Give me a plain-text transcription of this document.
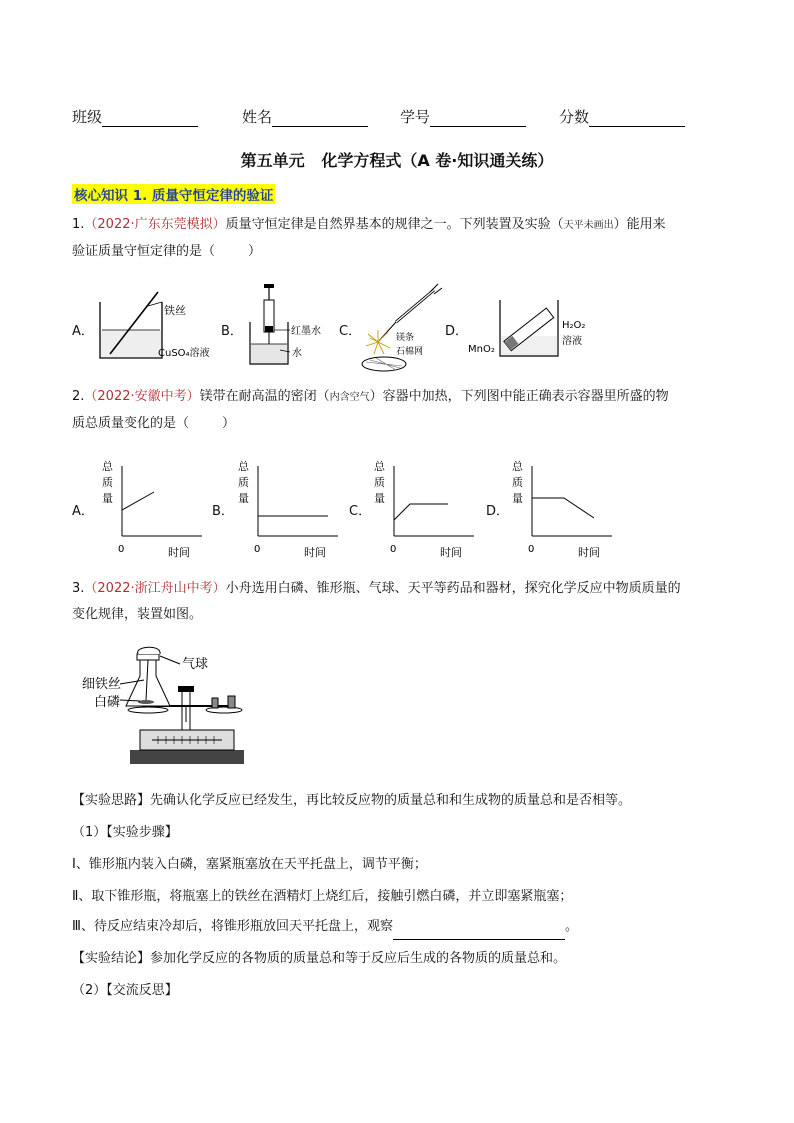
班级	姓名	学号	分数
第五单元   化学方程式（A 卷·知识通关练）
核心知识 1. 质量守恒定律的验证
1.（2022·广东东莞模拟）质量守恒定律是自然界基本的规律之一。下列装置及实验（天平未画出）能用来
验证质量守恒定律的是（        ）
A．
铁丝
CuSO₄溶液
B．	红墨水
水
C．	镁条
石棉网
D．	H₂O₂
溶液
MnO₂
2.（2022·安徽中考）镁带在耐高温的密闭（内含空气）容器中加热，下列图中能正确表示容器里所盛的物
质总质量变化的是（        ）
A．
总
质
量
0	时间
B．
总
质
量
0	时间
C．
总
质
量
0	时间
D．
总
质
量
0	时间
3.（2022·浙江舟山中考）小舟选用白磷、锥形瓶、气球、天平等药品和器材，探究化学反应中物质质量的
变化规律，装置如图。
气球
细铁丝
白磷
【实验思路】先确认化学反应已经发生，再比较反应物的质量总和和生成物的质量总和是否相等。
（1）【实验步骤】
Ⅰ、锥形瓶内装入白磷，塞紧瓶塞放在天平托盘上，调节平衡；
Ⅱ、取下锥形瓶，将瓶塞上的铁丝在酒精灯上烧红后，接触引燃白磷，并立即塞紧瓶塞；
Ⅲ、待反应结束冷却后，将锥形瓶放回天平托盘上，观察	。
【实验结论】参加化学反应的各物质的质量总和等于反应后生成的各物质的质量总和。
（2）【交流反思】
